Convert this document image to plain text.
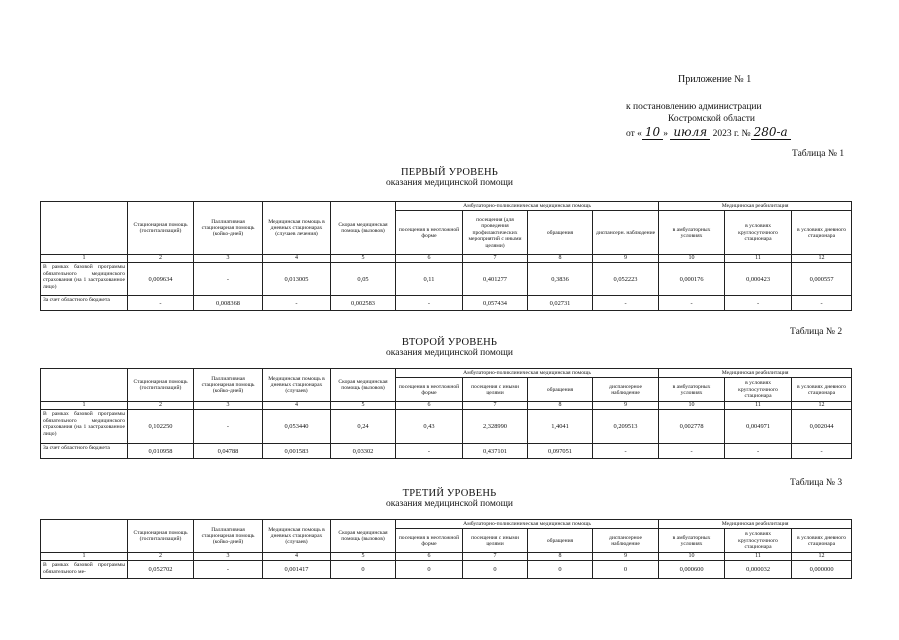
Приложение № 1
к постановлению администрации
Костромской области
от « 10 » июля 2023 г. № 280-а
Таблица № 1
ПЕРВЫЙ УРОВЕНЬ
оказания медицинской помощи
	Стационарная помощь (госпитализаций)	Паллиативная стационарная помощь (койко-дней)	Медицинская помощь в дневных стационарах (случаев лечения)	Скорая медицинская помощь (вызовов)	Амбулаторно-поликлиническая медицинская помощь				Медицинская реабилитация		
					посещения в неотложной форме	посещения (для проведения профилактических мероприятий с иными целями)	обращения	диспансерн. наблюдение	в амбулаторных условиях	в условиях круглосуточного стационара	в условиях дневного стационара
1	2	3	4	5	6	7	8	9	10	11	12
В рамках базовой программы обязательного медицинского страхования (на 1 застрахованное лицо)	0,009634	-	0,013005	0,05	0,11	0,401277	0,3836	0,052223	0,000176	0,000423	0,000557
За счет областного бюджета	-	0,008368	-	0,002583	-	0,057434	0,02731	-	-	-	-
Таблица № 2
ВТОРОЙ УРОВЕНЬ
оказания медицинской помощи
	Стационарная помощь (госпитализаций)	Паллиативная стационарная помощь (койко-дней)	Медицинская помощь в дневных стационарах (случаев)	Скорая медицинская помощь (вызовов)	Амбулаторно-поликлиническая медицинская помощь				Медицинская реабилитация		
					посещения в неотложной форме	посещения с иными целями	обращения	диспансерное наблюдение	в амбулаторных условиях	в условиях круглосуточного стационара	в условиях дневного стационара
1	2	3	4	5	6	7	8	9	10	11	12
В рамках базовой программы обязательного медицинского страхования (на 1 застрахованное лицо)	0,102250	-	0,053440	0,24	0,43	2,328990	1,4041	0,209513	0,002778	0,004971	0,002044
За счет областного бюджета	0,010958	0,04788	0,001583	0,03302	-	0,437101	0,097051	-	-	-	-
Таблица № 3
ТРЕТИЙ УРОВЕНЬ
оказания медицинской помощи
	Стационарная помощь (госпитализаций)	Паллиативная стационарная помощь (койко-дней)	Медицинская помощь в дневных стационарах (случаев)	Скорая медицинская помощь (вызовов)	Амбулаторно-поликлиническая медицинская помощь				Медицинская реабилитация		
					посещения в неотложной форме	посещения с иными целями	обращения	диспансерное наблюдение	в амбулаторных условиях	в условиях круглосуточного стационара	в условиях дневного стационара
1	2	3	4	5	6	7	8	9	10	11	12
В рамках базовой программы обязательного ме-	0,052702	-	0,001417	0	0	0	0	0	0,000600	0,000032	0,000000
